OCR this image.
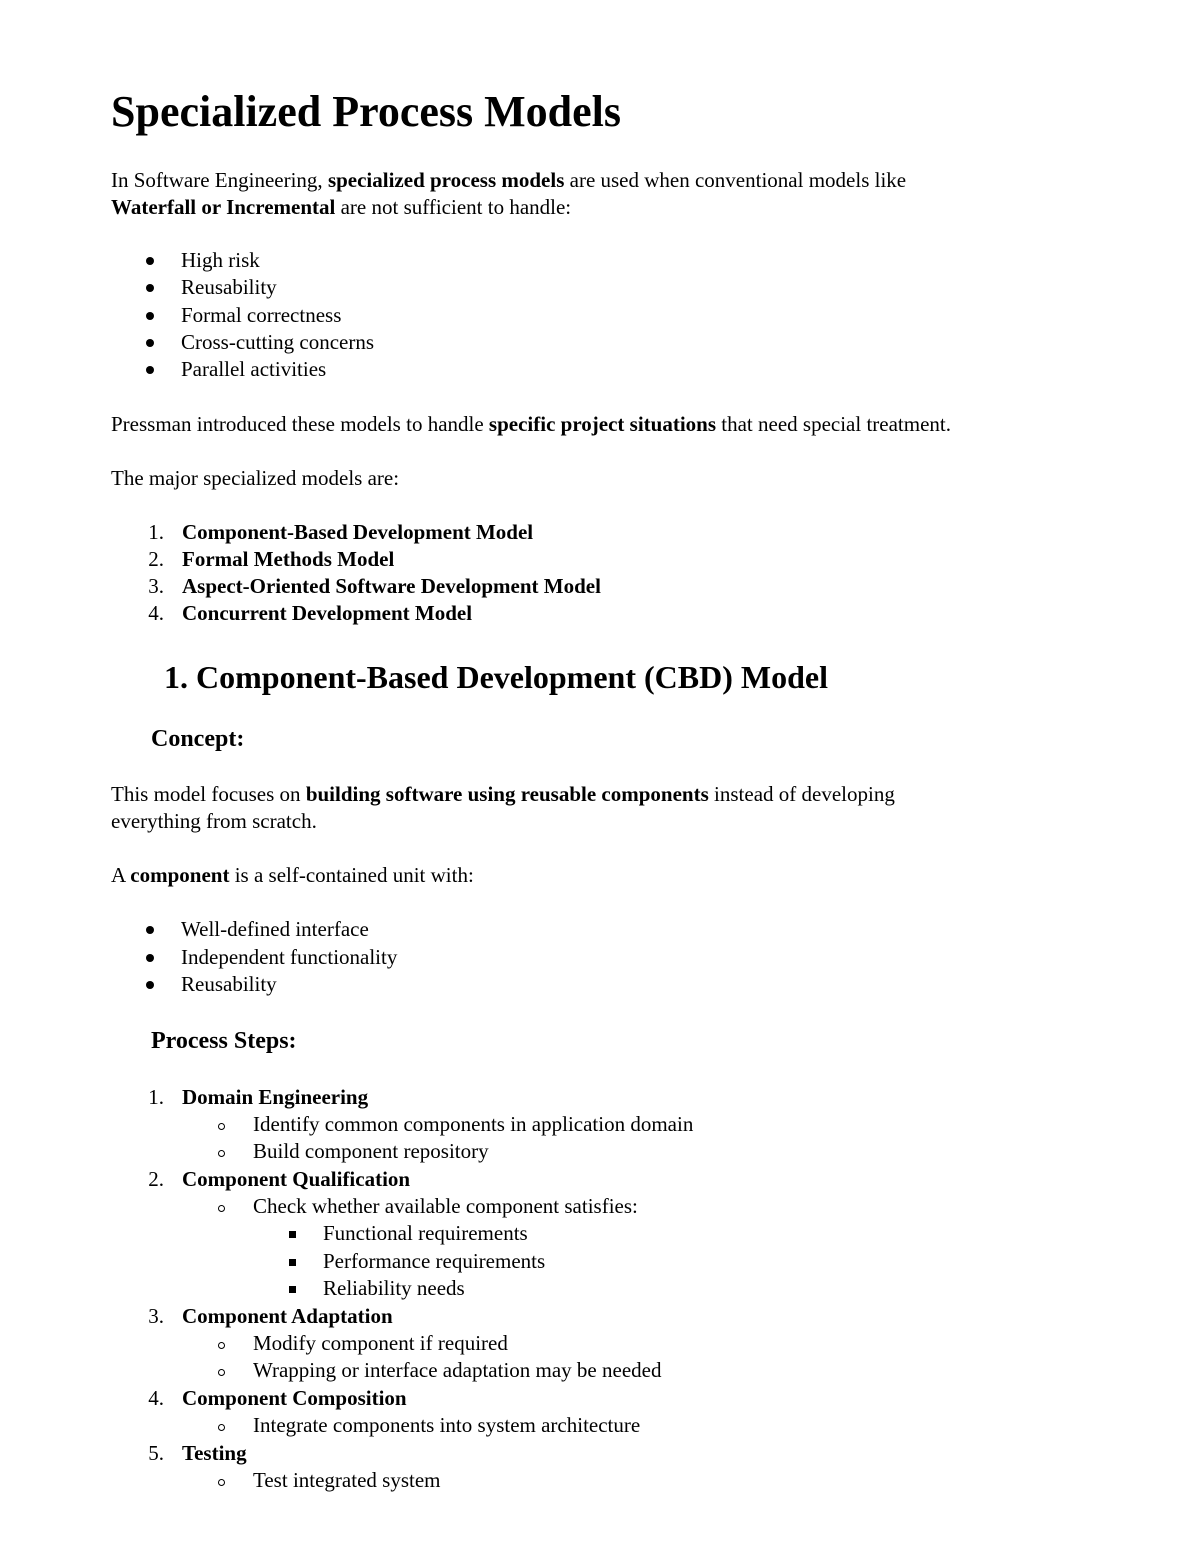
Specialized Process Models

In Software Engineering, specialized process models are used when conventional models like

Waterfall or Incremental are not sufficient to handle:

High risk
Reusability
Formal correctness
Cross-cutting concerns
Parallel activities

Pressman introduced these models to handle specific project situations that need special treatment.

The major specialized models are:

1. Component-Based Development Model
2. Formal Methods Model
3. Aspect-Oriented Software Development Model
4. Concurrent Development Model
1. Component-Based Development (CBD) Model
Concept:

This model focuses on building software using reusable components instead of developing

everything from scratch.

A component is a self-contained unit with:

Well-defined interface
Independent functionality
Reusability
Process Steps:
1. Domain Engineering
Identify common components in application domain
Build component repository
2. Component Qualification
Check whether available component satisfies:
Functional requirements
Performance requirements
Reliability needs
3. Component Adaptation
Modify component if required
Wrapping or interface adaptation may be needed
4. Component Composition
Integrate components into system architecture
5. Testing
Test integrated system
